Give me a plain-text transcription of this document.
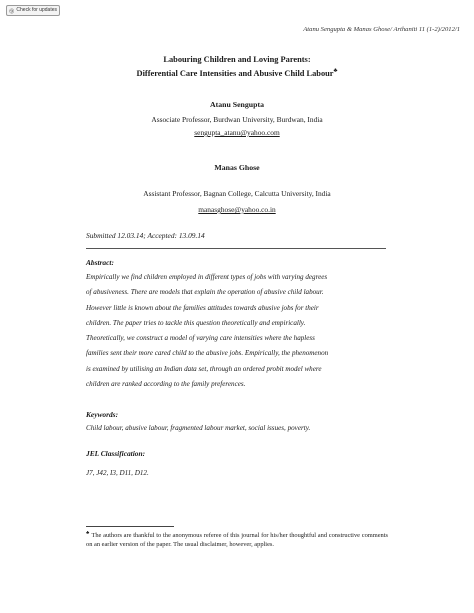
Check for updates
Atanu Sengupta & Manas Ghose/ Arthaniti 11 (1-2)/2012/1
Labouring Children and Loving Parents:
Differential Care Intensities and Abusive Child Labour♣
Atanu Sengupta
Associate Professor, Burdwan University, Burdwan, India
sengupta_atanu@yahoo.com
Manas Ghose
Assistant Professor, Bagnan College, Calcutta University, India
manasghose@yahoo.co.in
Submitted 12.03.14; Accepted: 13.09.14
Abstract:
Empirically we find children employed in different types of jobs with varying degrees
of abusiveness. There are models that explain the operation of abusive child labour.
However little is known about the families attitudes towards abusive jobs for their
children. The paper tries to tackle this question theoretically and empirically.
Theoretically, we construct a model of varying care intensities where the hapless
families sent their more cared child to the abusive jobs. Empirically, the phenomenon
is examined by utilising an Indian data set, through an ordered probit model where
children are ranked according to the family preferences.
Keywords:
Child labour, abusive labour, fragmented labour market, social issues, poverty.
JEL Classification:
J7, J42, I3, D11, D12.
♣ The authors are thankful to the anonymous referee of this journal for his/her thoughtful and constructive comments on an earlier version of the paper. The usual disclaimer, however, applies.
